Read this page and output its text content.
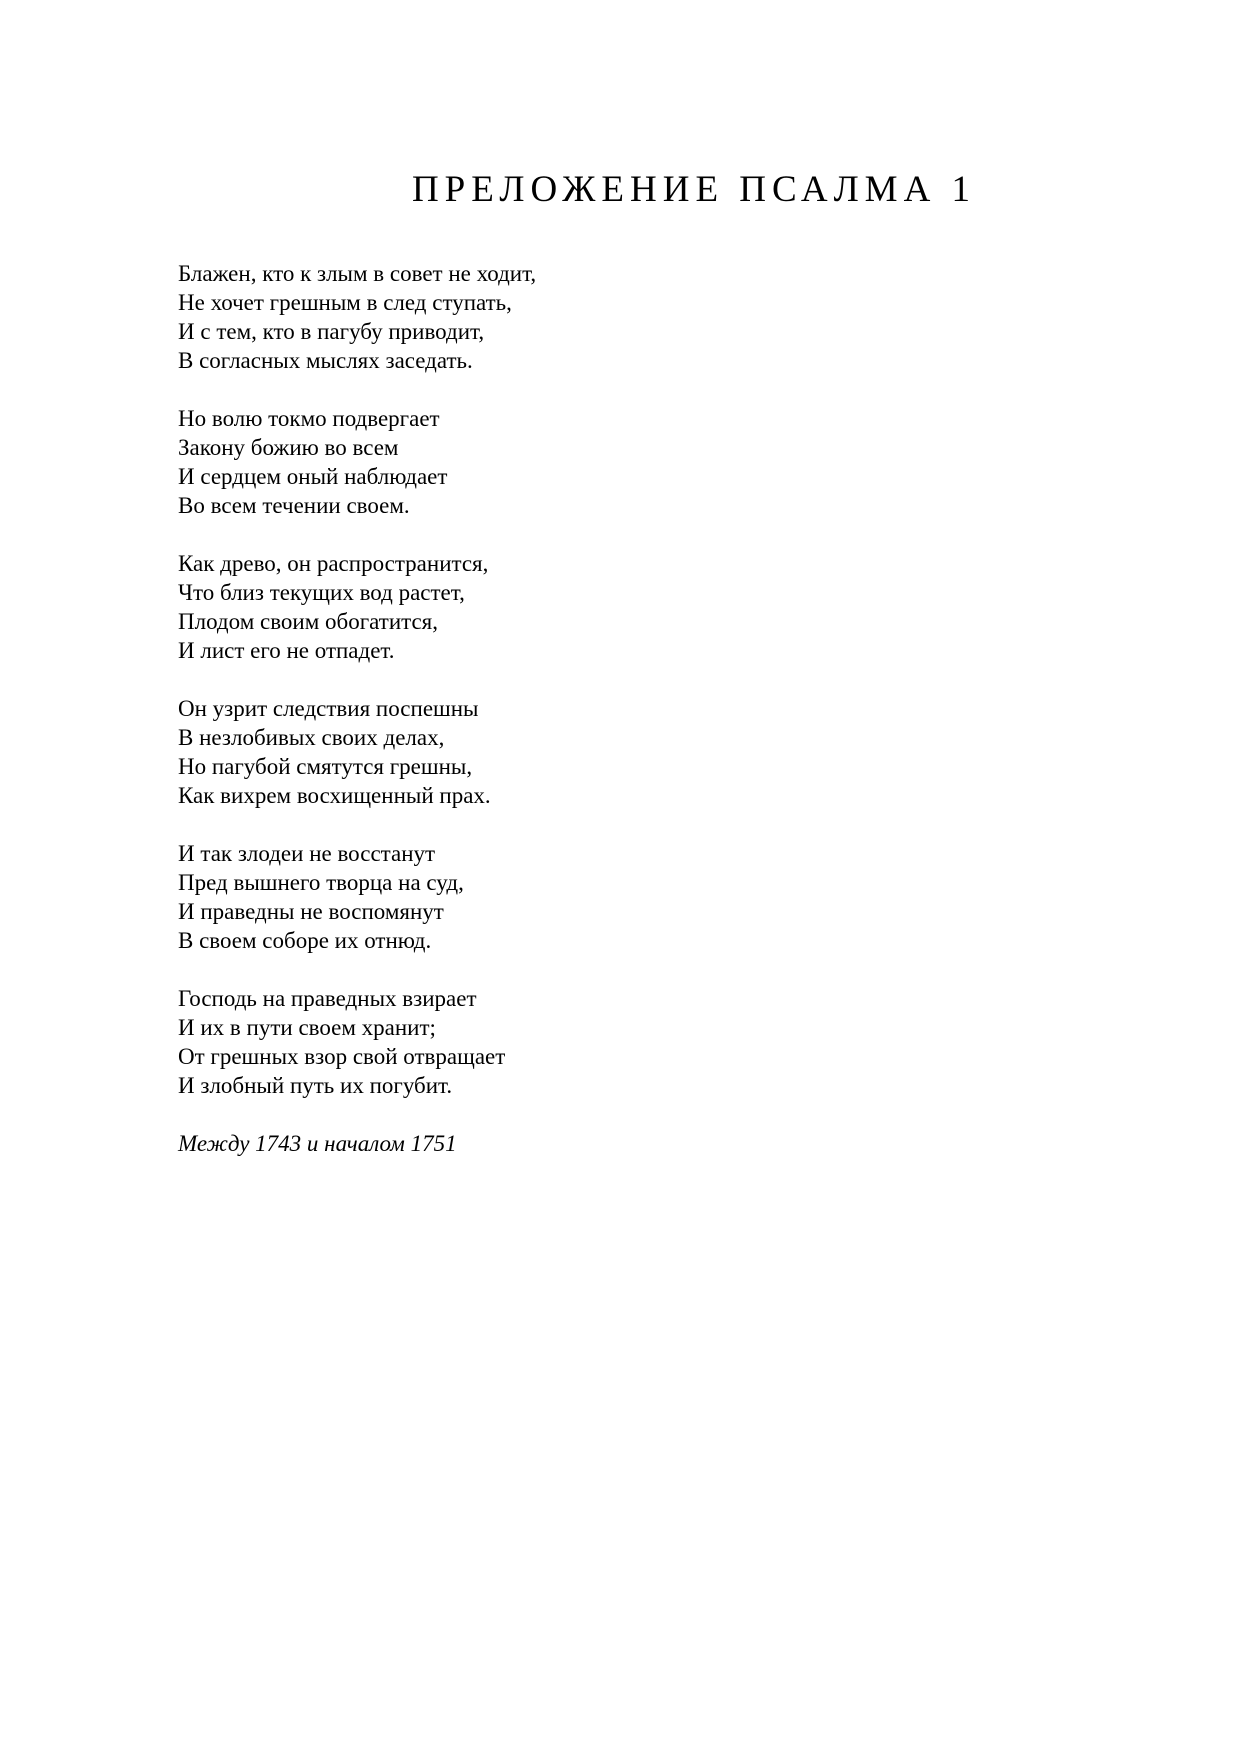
ПРЕЛОЖЕНИЕ ПСАЛМА 1
Блажен, кто к злым в совет не ходит,
Не хочет грешным в след ступать,
И с тем, кто в пагубу приводит,
В согласных мыслях заседать.
Но волю токмо подвергает
Закону божию во всем
И сердцем оный наблюдает
Во всем течении своем.
Как древо, он распространится,
Что близ текущих вод растет,
Плодом своим обогатится,
И лист его не отпадет.
Он узрит следствия поспешны
В незлобивых своих делах,
Но пагубой смятутся грешны,
Как вихрем восхищенный прах.
И так злодеи не восстанут
Пред вышнего творца на суд,
И праведны не воспомянут
В своем соборе их отнюд.
Господь на праведных взирает
И их в пути своем хранит;
От грешных взор свой отвращает
И злобный путь их погубит.
Между 1743 и началом 1751
